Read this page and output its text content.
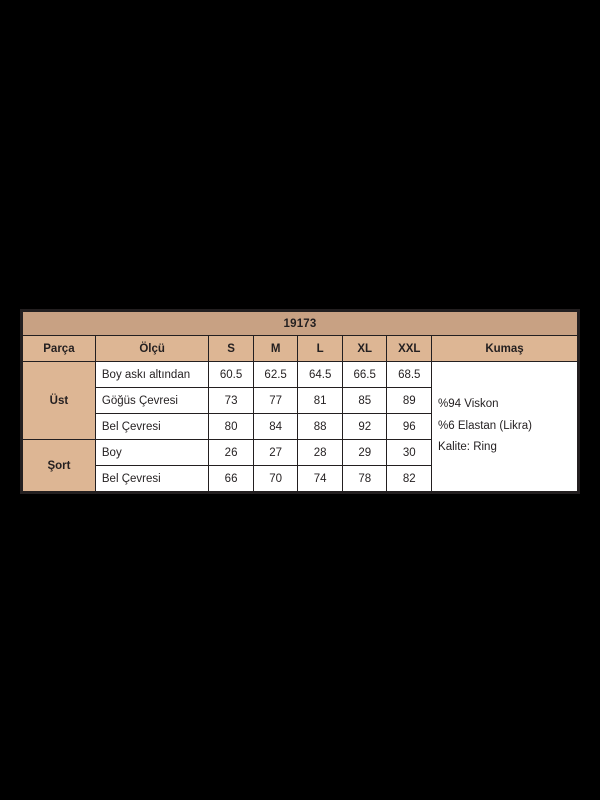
19173							
Parça	Ölçü	S	M	L	XL	XXL	Kumaş
Üst	Boy askı altından	60.5	62.5	64.5	66.5	68.5	%94 Viskon
%6 Elastan (Likra)
Kalite: Ring

	Göğüs Çevresi	73	77	81	85	89	
	Bel Çevresi	80	84	88	92	96	
Şort	Boy	26	27	28	29	30	
	Bel Çevresi	66	70	74	78	82	
